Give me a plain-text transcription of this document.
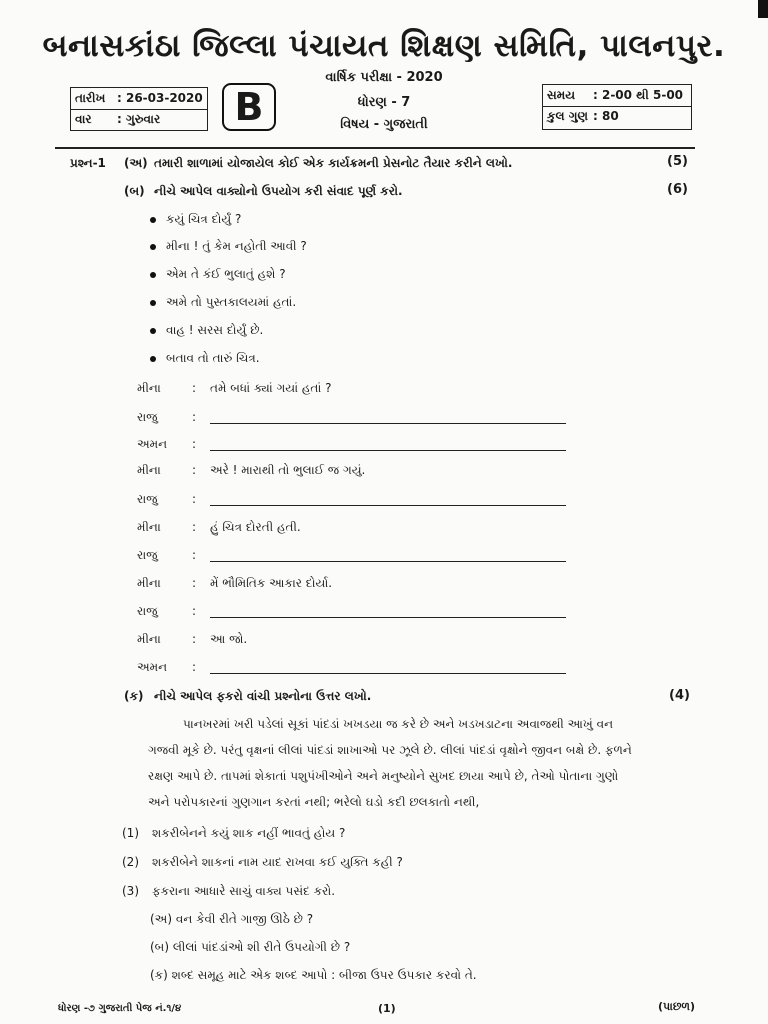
બનાસકાંઠા જિલ્લા પંચાયત શિક્ષણ સમિતિ, પાલનપુર.
વાર્ષિક પરીક્ષા - 2020
તારીખ : 26-03-2020
વાર : ગુરુવાર	B	ધોરણ - 7
વિષય - ગુજરાતી
સમય : 2-00 થી 5-00
કુલ ગુણ : 80
પ્રશ્ન-1 (અ) તમારી શાળામાં યોજાયેલ કોઈ એક કાર્યક્રમની પ્રેસનોટ તૈયાર કરીને લખો.	(5)
(બ) નીચે આપેલ વાક્યોનો ઉપયોગ કરી સંવાદ પૂર્ણ કરો.	(6)
કયું ચિત્ર દોર્યું ?
મીના ! તું કેમ નહોતી આવી ?
એમ તે કંઈ ભુલાતું હશે ?
અમે તો પુસ્તકાલયમાં હતાં.
વાહ ! સરસ દોર્યું છે.
બતાવ તો તારું ચિત્ર.
મીના	: તમે બધાં ક્યાં ગયાં હતાં ?
રાજુ	:
અમન :
મીના	: અરે ! મારાથી તો ભુલાઈ જ ગયું.
રાજુ	:
મીના	: હું ચિત્ર દોરતી હતી.
રાજુ	:
મીના	: મેં ભૌમિતિક આકાર દોર્યા.
રાજુ	:
મીના	: આ જો.
અમન :
(ક) નીચે આપેલ ફકરો વાંચી પ્રશ્નોના ઉત્તર લખો.	(4)
પાનખરમાં ખરી પડેલાં સૂકાં પાંદડાં ખખડયા જ કરે છે અને ખડખડાટના અવાજથી આખું વન
ગજવી મૂકે છે. પરંતુ વૃક્ષનાં લીલાં પાંદડાં શાખાઓ પર ઝૂલે છે. લીલાં પાંદડાં વૃક્ષોને જીવન બક્ષે છે. ફળને
રક્ષણ આપે છે. તાપમાં શેકાતાં પશુપંખીઓને અને મનુષ્યોને સુખદ છાયા આપે છે, તેઓ પોતાના ગુણો
અને પરોપકારનાં ગુણગાન કરતાં નથી; ભરેલો ઘડો કદી છલકાતો નથી,
(1) શકરીબેનને કયું શાક નહીં ભાવતું હોય ?
(2) શકરીબેને શાકનાં નામ યાદ રાખવા કઈ યુક્તિ કહી ?
(3) ફકરાના આધારે સાચું વાક્ય પસંદ કરો.
(અ) વન કેવી રીતે ગાજી ઊઠે છે ?
(બ) લીલાં પાંદડાંઓ શી રીતે ઉપયોગી છે ?
(ક) શબ્દ સમૂહ માટે એક શબ્દ આપો : બીજા ઉપર ઉપકાર કરવો તે.
ધોરણ -૭ ગુજરાતી પેજ નં.૧/૪	(1)	(પાછળ)
